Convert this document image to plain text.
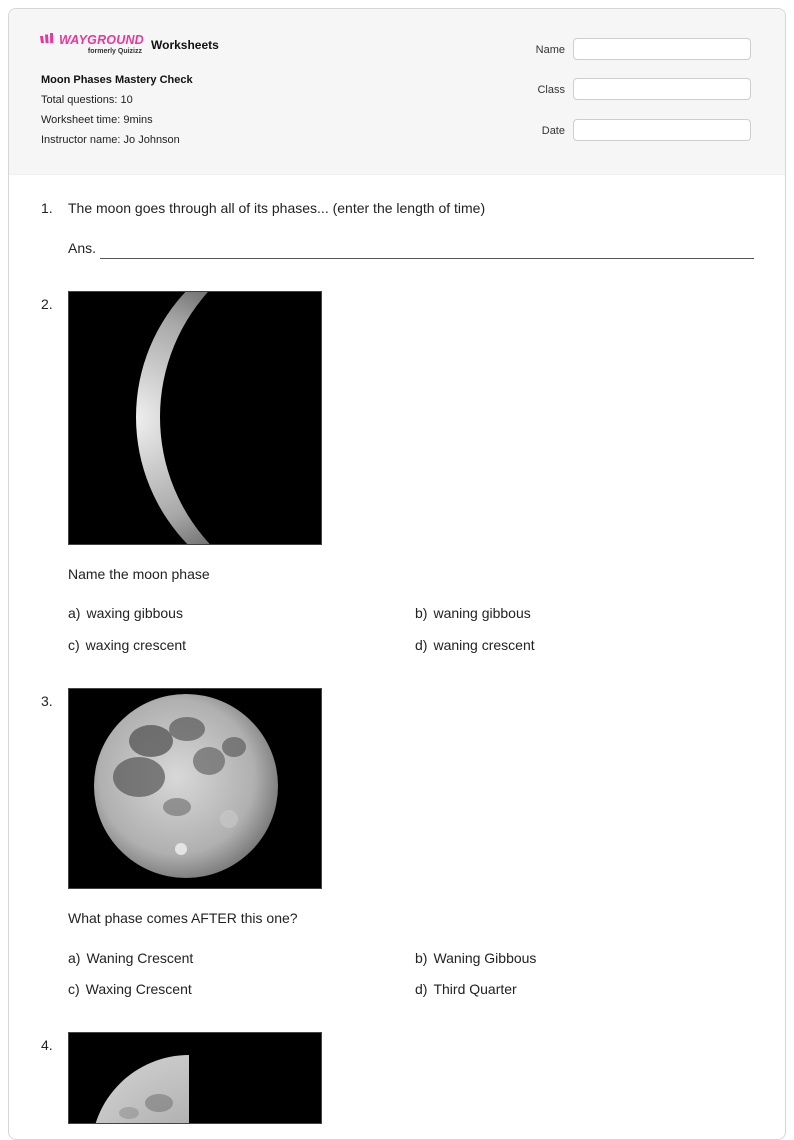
WAYGROUND
formerly Quizizz Worksheets
Moon Phases Mastery Check
Total questions: 10
Worksheet time: 9mins
Instructor name: Jo Johnson
Name
Class
Date
1. The moon goes through all of its phases... (enter the length of time)
Ans.
2.
Name the moon phase
a) waxing gibbous	b) waning gibbous
c) waxing crescent	d) waning crescent
3.
What phase comes AFTER this one?
a) Waning Crescent	b) Waning Gibbous
c) Waxing Crescent	d) Third Quarter
4.
